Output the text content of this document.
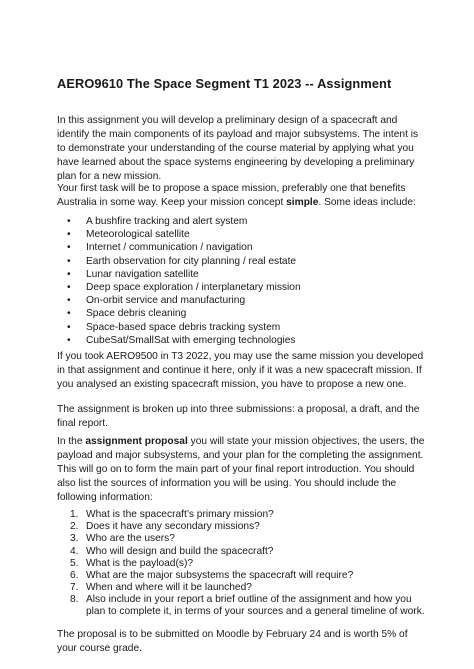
AERO9610 The Space Segment T1 2023 -- Assignment

In this assignment you will develop a preliminary design of a spacecraft and identify the main components of its payload and major subsystems. The intent is to demonstrate your understanding of the course material by applying what you have learned about the space systems engineering by developing a preliminary plan for a new mission.

Your first task will be to propose a space mission, preferably one that benefits Australia in some way. Keep your mission concept simple. Some ideas include:

• A bushfire tracking and alert system
• Meteorological satellite
• Internet / communication / navigation
• Earth observation for city planning / real estate
• Lunar navigation satellite
• Deep space exploration / interplanetary mission
• On-orbit service and manufacturing
• Space debris cleaning
• Space-based space debris tracking system
• CubeSat/SmallSat with emerging technologies

If you took AERO9500 in T3 2022, you may use the same mission you developed in that assignment and continue it here, only if it was a new spacecraft mission. If you analysed an existing spacecraft mission, you have to propose a new one.

The assignment is broken up into three submissions: a proposal, a draft, and the final report.

In the assignment proposal you will state your mission objectives, the users, the payload and major subsystems, and your plan for the completing the assignment. This will go on to form the main part of your final report introduction. You should also list the sources of information you will be using. You should include the following information:

1. What is the spacecraft’s primary mission?
2. Does it have any secondary missions?
3. Who are the users?
4. Who will design and build the spacecraft?
5. What is the payload(s)?
6. What are the major subsystems the spacecraft will require?
7. When and where will it be launched?
8. Also include in your report a brief outline of the assignment and how you plan to complete it, in terms of your sources and a general timeline of work.

The proposal is to be submitted on Moodle by February 24 and is worth 5% of your course grade.
